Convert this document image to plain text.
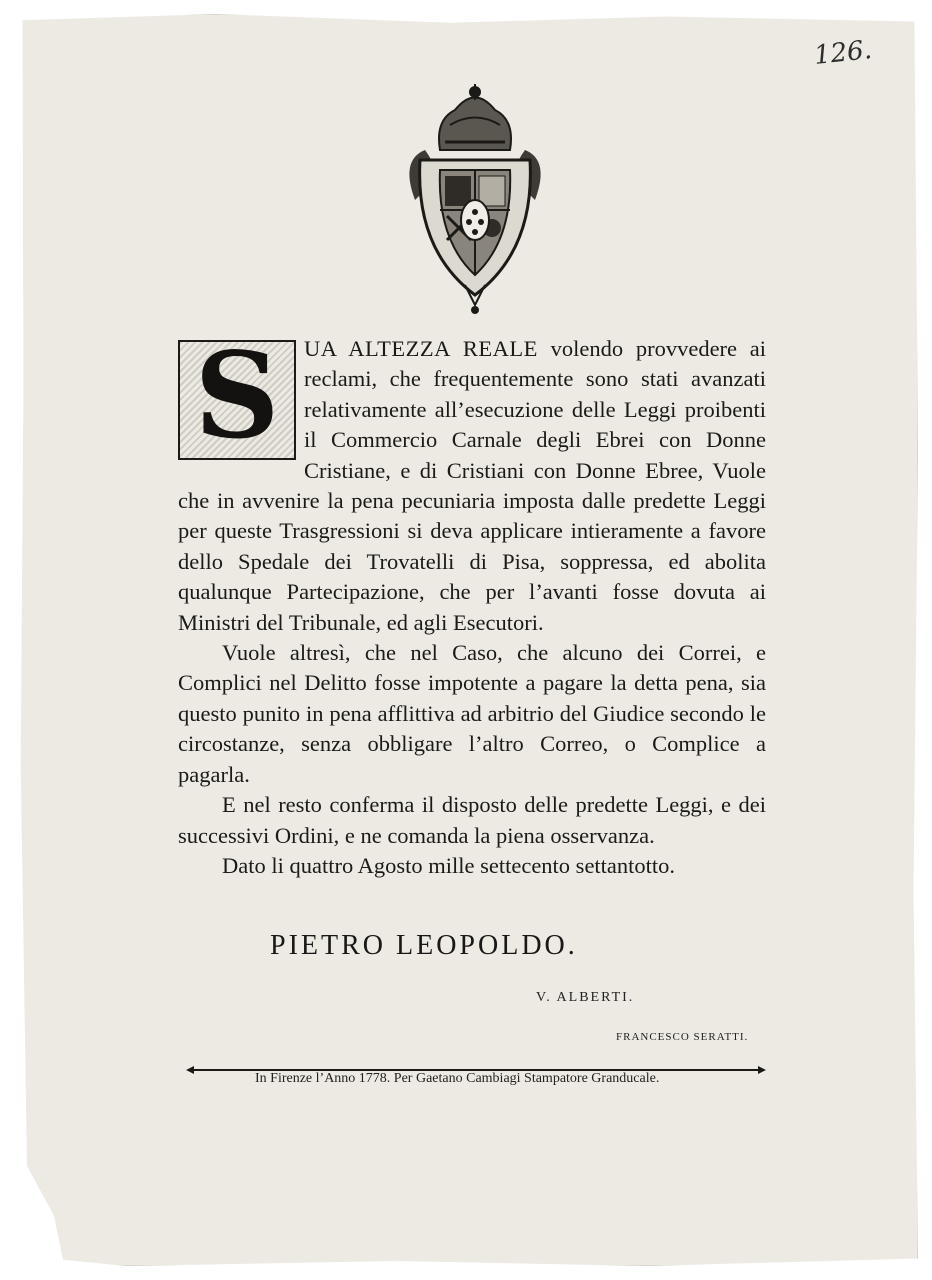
126.
S	UA ALTEZZA REALE volendo provvedere ai reclami, che frequentemente sono stati avanzati relativamente all’esecuzione delle Leggi proibenti il Commercio Carnale degli Ebrei con Donne Cristiane, e di Cristiani con Donne Ebree, Vuole che in avvenire la pena pecuniaria imposta dalle predette Leggi per queste Trasgressioni si deva applicare intieramente a favore dello Spedale dei Trovatelli di Pisa, soppressa, ed abolita qualunque Partecipazione, che per l’avanti fosse dovuta ai Ministri del Tribunale, ed agli Esecutori.

Vuole altresì, che nel Caso, che alcuno dei Correi, e Complici nel Delitto fosse impotente a pagare la detta pena, sia questo punito in pena afflittiva ad arbitrio del Giudice secondo le circostanze, senza obbligare l’altro Correo, o Complice a pagarla.

E nel resto conferma il disposto delle predette Leggi, e dei successivi Ordini, e ne comanda la piena osservanza.

Dato li quattro Agosto mille settecento settantotto.

PIETRO LEOPOLDO.
V. ALBERTI.
FRANCESCO SERATTI.
In Firenze l’Anno 1778. Per Gaetano Cambiagi Stampatore Granducale.
